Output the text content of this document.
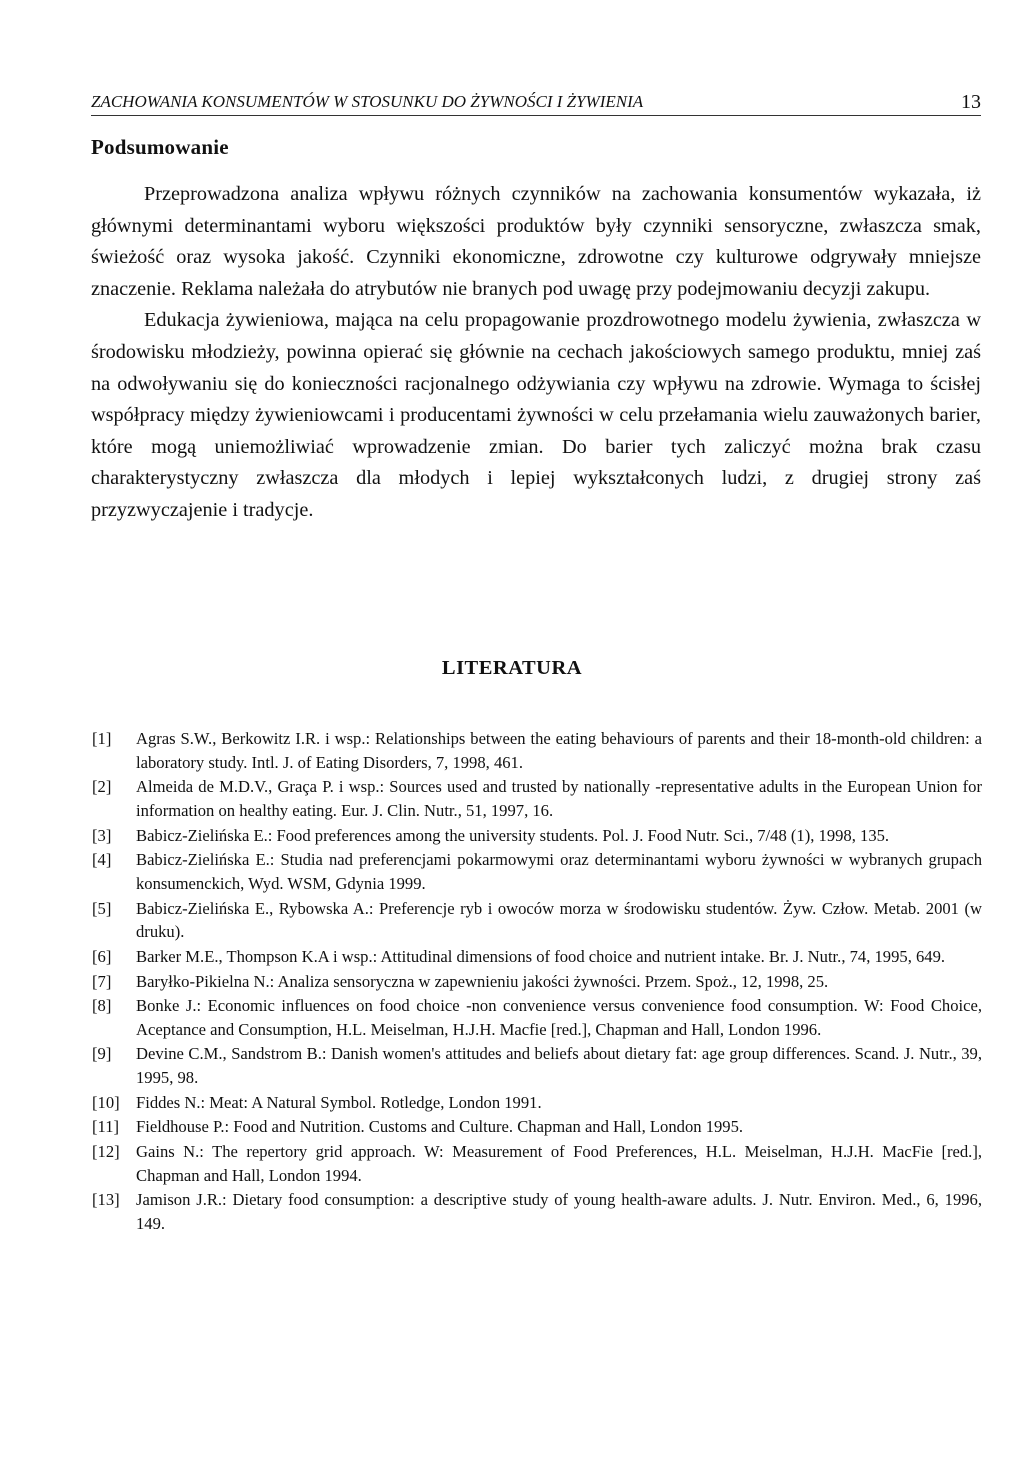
ZACHOWANIA KONSUMENTÓW W STOSUNKU DO ŻYWNOŚCI I ŻYWIENIA	13
Podsumowanie

Przeprowadzona analiza wpływu różnych czynników na zachowania konsumentów wykazała, iż głównymi determinantami wyboru większości produktów były czynniki sensoryczne, zwłaszcza smak, świeżość oraz wysoka jakość. Czynniki ekonomiczne, zdrowotne czy kulturowe odgrywały mniejsze znaczenie. Reklama należała do atrybutów nie branych pod uwagę przy podejmowaniu decyzji zakupu.

Edukacja żywieniowa, mająca na celu propagowanie prozdrowotnego modelu żywienia, zwłaszcza w środowisku młodzieży, powinna opierać się głównie na cechach jakościowych samego produktu, mniej zaś na odwoływaniu się do konieczności racjonalnego odżywiania czy wpływu na zdrowie. Wymaga to ścisłej współpracy między żywieniowcami i producentami żywności w celu przełamania wielu zauważonych barier, które mogą uniemożliwiać wprowadzenie zmian. Do barier tych zaliczyć można brak czasu charakterystyczny zwłaszcza dla młodych i lepiej wykształconych ludzi, z drugiej strony zaś przyzwyczajenie i tradycje.

LITERATURA
[1]	Agras S.W., Berkowitz I.R. i wsp.: Relationships between the eating behaviours of parents and their 18-month-old children: a laboratory study. Intl. J. of Eating Disorders, 7, 1998, 461.
[2]	Almeida de M.D.V., Graça P. i wsp.: Sources used and trusted by nationally -representative adults in the European Union for information on healthy eating. Eur. J. Clin. Nutr., 51, 1997, 16.
[3]	Babicz-Zielińska E.: Food preferences among the university students. Pol. J. Food Nutr. Sci., 7/48 (1), 1998, 135.
[4]	Babicz-Zielińska E.: Studia nad preferencjami pokarmowymi oraz determinantami wyboru żywności w wybranych grupach konsumenckich, Wyd. WSM, Gdynia 1999.
[5]	Babicz-Zielińska E., Rybowska A.: Preferencje ryb i owoców morza w środowisku studentów. Żyw. Człow. Metab. 2001 (w druku).
[6]	Barker M.E., Thompson K.A i wsp.: Attitudinal dimensions of food choice and nutrient intake. Br. J. Nutr., 74, 1995, 649.
[7]	Baryłko-Pikielna N.: Analiza sensoryczna w zapewnieniu jakości żywności. Przem. Spoż., 12, 1998, 25.
[8]	Bonke J.: Economic influences on food choice -non convenience versus convenience food consumption. W: Food Choice, Aceptance and Consumption, H.L. Meiselman, H.J.H. Macfie [red.], Chapman and Hall, London 1996.
[9]	Devine C.M., Sandstrom B.: Danish women's attitudes and beliefs about dietary fat: age group differences. Scand. J. Nutr., 39, 1995, 98.
[10] Fiddes N.: Meat: A Natural Symbol. Rotledge, London 1991.
[11]	Fieldhouse P.: Food and Nutrition. Customs and Culture. Chapman and Hall, London 1995.
[12] Gains N.: The repertory grid approach. W: Measurement of Food Preferences, H.L. Meiselman, H.J.H. MacFie [red.], Chapman and Hall, London 1994.
[13] Jamison J.R.: Dietary food consumption: a descriptive study of young health-aware adults. J. Nutr. Environ. Med., 6, 1996, 149.
